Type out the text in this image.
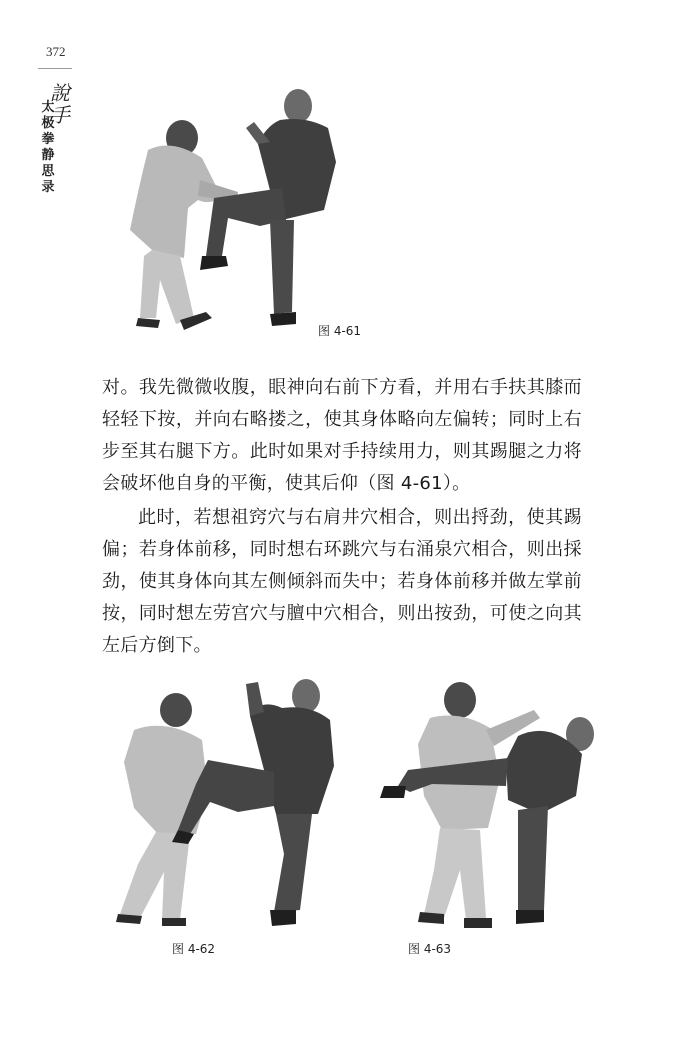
372
說手
太极拳静思录
图 4-61
对。我先微微收腹，眼神向右前下方看，并用右手扶其膝而轻轻下按，并向右略搂之，使其身体略向左偏转；同时上右步至其右腿下方。此时如果对手持续用力，则其踢腿之力将会破坏他自身的平衡，使其后仰（图 4-61）。
此时，若想祖窍穴与右肩井穴相合，则出捋劲，使其踢偏；若身体前移，同时想右环跳穴与右涌泉穴相合，则出採劲，使其身体向其左侧倾斜而失中；若身体前移并做左掌前按，同时想左劳宫穴与膻中穴相合，则出按劲，可使之向其左后方倒下。
图 4-62	图 4-63
